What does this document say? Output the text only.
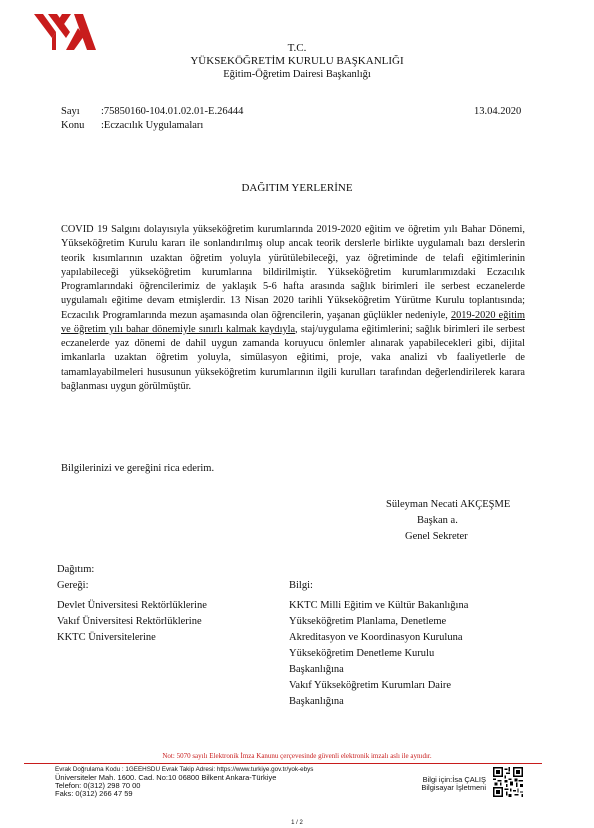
T.C.
YÜKSEKÖĞRETİM KURULU BAŞKANLIĞI
Eğitim-Öğretim Dairesi Başkanlığı
Sayı :75850160-104.01.02.01-E.26444	13.04.2020
Konu :Eczacılık Uygulamaları
DAĞITIM YERLERİNE
COVID 19 Salgını dolayısıyla yükseköğretim kurumlarında 2019-2020 eğitim ve öğretim yılı Bahar Dönemi, Yükseköğretim Kurulu kararı ile sonlandırılmış olup ancak teorik derslerle birlikte uygulamalı bazı derslerin teorik kısımlarının uzaktan öğretim yoluyla yürütülebileceği, yaz öğretiminde de telafi eğitimlerinin yapılabileceği yükseköğretim kurumlarına bildirilmiştir. Yükseköğretim kurumlarımızdaki Eczacılık Programlarındaki öğrencilerimiz de yaklaşık 5-6 hafta arasında sağlık birimleri ile serbest eczanelerde uygulamalı eğitime devam etmişlerdir. 13 Nisan 2020 tarihli Yükseköğretim Yürütme Kurulu toplantısında; Eczacılık Programlarında mezun aşamasında olan öğrencilerin, yaşanan güçlükler nedeniyle, 2019-2020 eğitim ve öğretim yılı bahar dönemiyle sınırlı kalmak kaydıyla, staj/uygulama eğitimlerini; sağlık birimleri ile serbest eczanelerde yaz dönemi de dahil uygun zamanda koruyucu önlemler alınarak yapabilecekleri gibi, dijital imkanlarla uzaktan öğretim yoluyla, simülasyon eğitimi, proje, vaka analizi vb faaliyetlerle de tamamlayabilmeleri hususunun yükseköğretim kurumlarının ilgili kurulları tarafından değerlendirilerek karara bağlanması uygun görülmüştür.
Bilgilerinizi ve gereğini rica ederim.
Süleyman Necati AKÇEŞME
Başkan a.
Genel Sekreter
Dağıtım:
Gereği:
Devlet Üniversitesi Rektörlüklerine
Vakıf Üniversitesi Rektörlüklerine
KKTC Üniversitelerine
Bilgi:
KKTC Milli Eğitim ve Kültür Bakanlığına
Yükseköğretim Planlama, Denetleme
Akreditasyon ve Koordinasyon Kuruluna
Yükseköğretim Denetleme Kurulu
Başkanlığına
Vakıf Yükseköğretim Kurumları Daire
Başkanlığına
Not: 5070 sayılı Elektronik İmza Kanunu çerçevesinde güvenli elektronik imzalı aslı ile aynıdır.
Evrak Doğrulama Kodu : 1GEEHSDU Evrak Takip Adresi: https://www.turkiye.gov.tr/yok-ebys
Üniversiteler Mah. 1600. Cad. No:10 06800 Bilkent Ankara-Türkiye
Telefon: 0(312) 298 70 00
Faks: 0(312) 266 47 59
Bilgi için:İsa ÇALIŞ
Bilgisayar İşletmeni
1 / 2
